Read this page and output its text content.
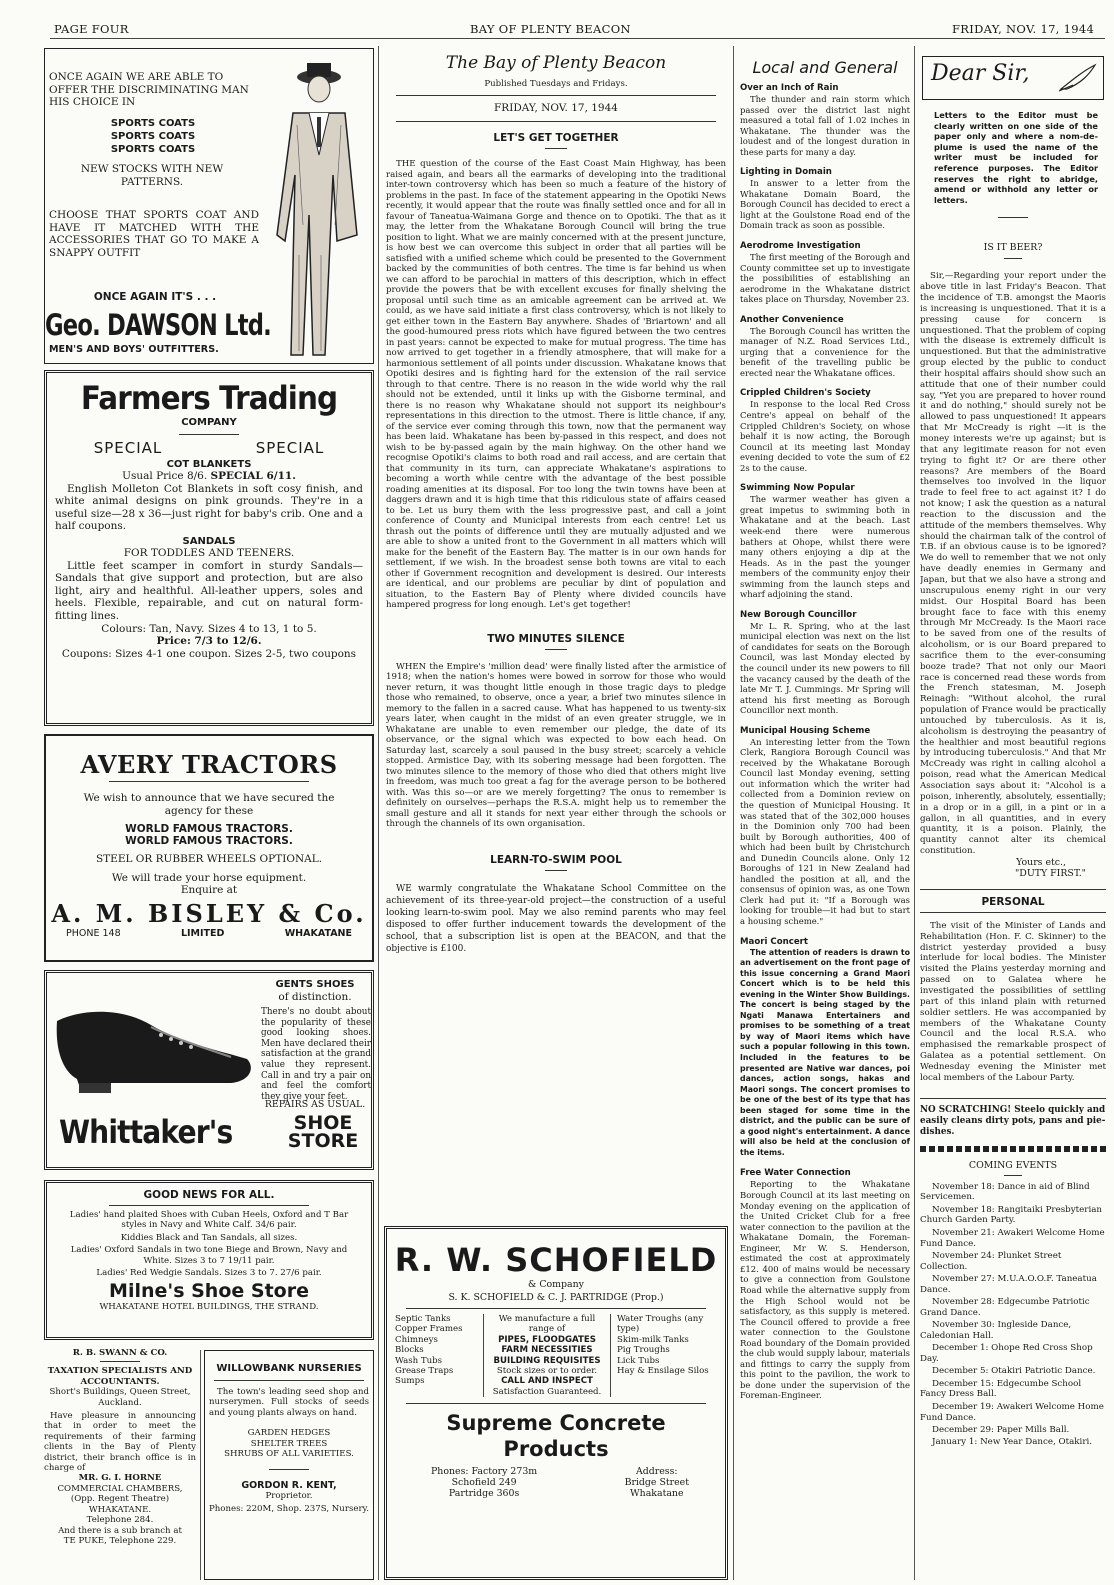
PAGE FOUR	BAY OF PLENTY BEACON	FRIDAY, NOV. 17, 1944
ONCE AGAIN WE ARE ABLE TO
OFFER THE DISCRIMINATING MAN
HIS CHOICE IN
SPORTS COATS
SPORTS COATS
SPORTS COATS
NEW STOCKS WITH NEW PATTERNS.
CHOOSE THAT SPORTS COAT AND HAVE IT MATCHED WITH THE ACCESSORIES THAT GO TO MAKE A SNAPPY OUTFIT
ONCE AGAIN IT'S . . .
Geo. DAWSON Ltd.
MEN'S AND BOYS' OUTFITTERS.
Farmers Trading
COMPANY
SPECIAL	SPECIAL
COT BLANKETS
Usual Price 8/6. SPECIAL 6/11.
English Molleton Cot Blankets in soft cosy finish, and white animal designs on pink grounds. They're in a useful size—28 x 36—just right for baby's crib. One and a half coupons.
SANDALS
FOR TODDLES AND TEENERS.
Little feet scamper in comfort in sturdy Sandals—Sandals that give support and protection, but are also light, airy and healthful. All-leather uppers, soles and heels. Flexible, repairable, and cut on natural form-fitting lines.
Colours: Tan, Navy. Sizes 4 to 13, 1 to 5.
Price: 7/3 to 12/6.
Coupons: Sizes 4-1 one coupon. Sizes 2-5, two coupons
AVERY TRACTORS
We wish to announce that we have secured the agency for these
WORLD FAMOUS TRACTORS.
WORLD FAMOUS TRACTORS.
STEEL OR RUBBER WHEELS OPTIONAL.
We will trade your horse equipment.
Enquire at
A. M. BISLEY & Co.
PHONE 148	LIMITED	WHAKATANE
GENTS SHOES
of distinction.
There's no doubt about the popularity of these good looking shoes. Men have declared their satisfaction at the grand value they represent. Call in and try a pair on and feel the comfort they give your feet.
REPAIRS AS USUAL.
Whittaker's	SHOE
STORE
GOOD NEWS FOR ALL.
Ladies' hand plaited Shoes with Cuban Heels, Oxford and T Bar styles in Navy and White Calf. 34/6 pair.
Kiddies Black and Tan Sandals, all sizes.
Ladies' Oxford Sandals in two tone Biege and Brown, Navy and White. Sizes 3 to 7 19/11 pair.
Ladies' Red Wedgie Sandals. Sizes 3 to 7. 27/6 pair.
Milne's Shoe Store
WHAKATANE HOTEL BUILDINGS, THE STRAND.
R. B. SWANN & CO.
TAXATION SPECIALISTS AND ACCOUNTANTS.
Short's Buildings, Queen Street, Auckland.
Have pleasure in announcing that in order to meet the requirements of their farming clients in the Bay of Plenty district, their branch office is in charge of
MR. G. I. HORNE
COMMERCIAL CHAMBERS,
(Opp. Regent Theatre)
WHAKATANE.
Telephone 284.
And there is a sub branch at
TE PUKE, Telephone 229.
WILLOWBANK NURSERIES
The town's leading seed shop and nurserymen. Full stocks of seeds and young plants always on hand.
GARDEN HEDGES
SHELTER TREES
SHRUBS OF ALL VARIETIES.
GORDON R. KENT,
Proprietor.
Phones: 220M, Shop. 237S, Nursery.
The Bay of Plenty Beacon
Published Tuesdays and Fridays.
FRIDAY, NOV. 17, 1944
LET'S GET TOGETHER

THE question of the course of the East Coast Main Highway, has been raised again, and bears all the earmarks of developing into the traditional inter-town controversy which has been so much a feature of the history of problems in the past. In face of the statement appearing in the Opotiki News recently, it would appear that the route was finally settled once and for all in favour of Taneatua-Waimana Gorge and thence on to Opotiki. The that as it may, the letter from the Whakatane Borough Council will bring the true position to light. What we are mainly concerned with at the present juncture, is how best we can overcome this subject in order that all parties will be satisfied with a unified scheme which could be presented to the Government backed by the communities of both centres. The time is far behind us when we can afford to be parochial in matters of this description, which in effect provide the powers that be with excellent excuses for finally shelving the proposal until such time as an amicable agreement can be arrived at. We could, as we have said initiate a first class controversy, which is not likely to get either town in the Eastern Bay anywhere. Shades of 'Briartown' and all the good-humoured press riots which have figured between the two centres in past years: cannot be expected to make for mutual progress. The time has now arrived to get together in a friendly atmosphere, that will make for a harmonious settlement of all points under discussion. Whakatane knows that Opotiki desires and is fighting hard for the extension of the rail service through to that centre. There is no reason in the wide world why the rail should not be extended, until it links up with the Gisborne terminal, and there is no reason why Whakatane should not support its neighbour's representations in this direction to the utmost. There is little chance, if any, of the service ever coming through this town, now that the permanent way has been laid. Whakatane has been by-passed in this respect, and does not wish to be by-passed again by the main highway. On the other hand we recognise Opotiki's claims to both road and rail access, and are certain that that community in its turn, can appreciate Whakatane's aspirations to becoming a worth while centre with the advantage of the best possible roading amenities at its disposal. For too long the twin towns have been at daggers drawn and it is high time that this ridiculous state of affairs ceased to be. Let us bury them with the less progressive past, and call a joint conference of County and Municipal interests from each centre! Let us thrash out the points of difference until they are mutually adjusted and we are able to show a united front to the Government in all matters which will make for the benefit of the Eastern Bay. The matter is in our own hands for settlement, if we wish. In the broadest sense both towns are vital to each other if Government recognition and development is desired. Our interests are identical, and our problems are peculiar by dint of population and situation, to the Eastern Bay of Plenty where divided councils have hampered progress for long enough. Let's get together!

TWO MINUTES SILENCE

WHEN the Empire's 'million dead' were finally listed after the armistice of 1918; when the nation's homes were bowed in sorrow for those who would never return, it was thought little enough in those tragic days to pledge those who remained, to observe, once a year, a brief two minutes silence in memory to the fallen in a sacred cause. What has happened to us twenty-six years later, when caught in the midst of an even greater struggle, we in Whakatane are unable to even remember our pledge, the date of its observance, or the signal which was expected to bow each head. On Saturday last, scarcely a soul paused in the busy street; scarcely a vehicle stopped. Armistice Day, with its sobering message had been forgotten. The two minutes silence to the memory of those who died that others might live in freedom, was much too great a fag for the average person to be bothered with. Was this so—or are we merely forgetting? The onus to remember is definitely on ourselves—perhaps the R.S.A. might help us to remember the small gesture and all it stands for next year either through the schools or through the channels of its own organisation.

LEARN-TO-SWIM POOL

WE warmly congratulate the Whakatane School Committee on the achievement of its three-year-old project—the construction of a useful looking learn-to-swim pool. May we also remind parents who may feel disposed to offer further inducement towards the development of the school, that a subscription list is open at the BEACON, and that the objective is £100.

R. W. SCHOFIELD
& Company
S. K. SCHOFIELD & C. J. PARTRIDGE (Prop.)
Septic Tanks
Copper Frames
Chimneys
Blocks
Wash Tubs
Grease Traps
Sumps
We manufacture a full range of
PIPES, FLOODGATES
FARM NECESSITIES
BUILDING REQUISITES
Stock sizes or to order.
CALL AND INSPECT
Satisfaction Guaranteed.
Water Troughs (any type)
Skim-milk Tanks
Pig Troughs
Lick Tubs
Hay & Ensilage Silos
Supreme Concrete
Products
Phones: Factory 273m
Schofield 249
Partridge 360s
Address:
Bridge Street
Whakatane
Local and General
Over an Inch of Rain

The thunder and rain storm which passed over the district last night measured a total fall of 1.02 inches in Whakatane. The thunder was the loudest and of the longest duration in these parts for many a day.

Lighting in Domain

In answer to a letter from the Whakatane Domain Board, the Borough Council has decided to erect a light at the Goulstone Road end of the Domain track as soon as possible.

Aerodrome Investigation

The first meeting of the Borough and County committee set up to investigate the possibilities of establishing an aerodrome in the Whakatane district takes place on Thursday, November 23.

Another Convenience

The Borough Council has written the manager of N.Z. Road Services Ltd., urging that a convenience for the benefit of the travelling public be erected near the Whakatane offices.

Crippled Children's Society

In response to the local Red Cross Centre's appeal on behalf of the Crippled Children's Society, on whose behalf it is now acting, the Borough Council at its meeting last Monday evening decided to vote the sum of £2 2s to the cause.

Swimming Now Popular

The warmer weather has given a great impetus to swimming both in Whakatane and at the beach. Last week-end there were numerous bathers at Ohope, whilst there were many others enjoying a dip at the Heads. As in the past the younger members of the community enjoy their swimming from the launch steps and wharf adjoining the stand.

New Borough Councillor

Mr L. R. Spring, who at the last municipal election was next on the list of candidates for seats on the Borough Council, was last Monday elected by the council under its new powers to fill the vacancy caused by the death of the late Mr T. J. Cummings. Mr Spring will attend his first meeting as Borough Councillor next month.

Municipal Housing Scheme

An interesting letter from the Town Clerk, Rangiora Borough Council was received by the Whakatane Borough Council last Monday evening, setting out information which the writer had collected from a Dominion review on the question of Municipal Housing. It was stated that of the 302,000 houses in the Dominion only 700 had been built by Borough authorities, 400 of which had been built by Christchurch and Dunedin Councils alone. Only 12 Boroughs of 121 in New Zealand had handled the position at all, and the consensus of opinion was, as one Town Clerk had put it: "If a Borough was looking for trouble—it had but to start a housing scheme."

Maori Concert

The attention of readers is drawn to an advertisement on the front page of this issue concerning a Grand Maori Concert which is to be held this evening in the Winter Show Buildings. The concert is being staged by the Ngati Manawa Entertainers and promises to be something of a treat by way of Maori items which have such a popular following in this town. Included in the features to be presented are Native war dances, poi dances, action songs, hakas and Maori songs. The concert promises to be one of the best of its type that has been staged for some time in the district, and the public can be sure of a good night's entertainment. A dance will also be held at the conclusion of the items.

Free Water Connection

Reporting to the Whakatane Borough Council at its last meeting on Monday evening on the application of the United Cricket Club for a free water connection to the pavilion at the Whakatane Domain, the Foreman-Engineer, Mr W. S. Henderson, estimated the cost at approximately £12. 400 of mains would be necessary to give a connection from Goulstone Road while the alternative supply from the High School would not be satisfactory, as this supply is metered. The Council offered to provide a free water connection to the Goulstone Road boundary of the Domain provided the club would supply labour, materials and fittings to carry the supply from this point to the pavilion, the work to be done under the supervision of the Foreman-Engineer.

Dear Sir,
Letters to the Editor must be clearly written on one side of the paper only and where a nom-de-plume is used the name of the writer must be included for reference purposes. The Editor reserves the right to abridge, amend or withhold any letter or letters.
IS IT BEER?

Sir,—Regarding your report under the above title in last Friday's Beacon. That the incidence of T.B. amongst the Maoris is increasing is unquestioned. That it is a pressing cause for concern is unquestioned. That the problem of coping with the disease is extremely difficult is unquestioned. But that the administrative group elected by the public to conduct their hospital affairs should show such an attitude that one of their number could say, "Yet you are prepared to hover round it and do nothing," should surely not be allowed to pass unquestioned! It appears that Mr McCready is right —it is the money interests we're up against; but is that any legitimate reason for not even trying to fight it? Or are there other reasons? Are members of the Board themselves too involved in the liquor trade to feel free to act against it? I do not know; I ask the question as a natural reaction to the discussion and the attitude of the members themselves. Why should the chairman talk of the control of T.B. if an obvious cause is to be ignored? We do well to remember that we not only have deadly enemies in Germany and Japan, but that we also have a strong and unscrupulous enemy right in our very midst. Our Hospital Board has been brought face to face with this enemy through Mr McCready. Is the Maori race to be saved from one of the results of alcoholism, or is our Board prepared to sacrifice them to the ever-consuming booze trade? That not only our Maori race is concerned read these words from the French statesman, M. Joseph Reinagh: "Without alcohol, the rural population of France would be practically untouched by tuberculosis. As it is, alcoholism is destroying the peasantry of the healthier and most beautiful regions by introducing tuberculosis." And that Mr McCready was right in calling alcohol a poison, read what the American Medical Association says about it: "Alcohol is a poison, inherently, absolutely, essentially; in a drop or in a gill, in a pint or in a gallon, in all quantities, and in every quantity, it is a poison. Plainly, the quantity cannot alter its chemical constitution.

Yours etc.,
"DUTY FIRST."
PERSONAL

The visit of the Minister of Lands and Rehabilitation (Hon. F. C. Skinner) to the district yesterday provided a busy interlude for local bodies. The Minister visited the Plains yesterday morning and passed on to Galatea where he investigated the possibilities of settling part of this inland plain with returned soldier settlers. He was accompanied by members of the Whakatane County Council and the local R.S.A. who emphasised the remarkable prospect of Galatea as a potential settlement. On Wednesday evening the Minister met local members of the Labour Party.

NO SCRATCHING! Steelo quickly and easily cleans dirty pots, pans and pie-dishes.

COMING EVENTS
November 18: Dance in aid of Blind Servicemen.
November 18: Rangitaiki Presbyterian Church Garden Party.
November 21: Awakeri Welcome Home Fund Dance.
November 24: Plunket Street Collection.
November 27: M.U.A.O.O.F. Taneatua Dance.
November 28: Edgecumbe Patriotic Grand Dance.
November 30: Ingleside Dance, Caledonian Hall.
December 1: Ohope Red Cross Shop Day.
December 5: Otakiri Patriotic Dance.
December 15: Edgecumbe School Fancy Dress Ball.
December 19: Awakeri Welcome Home Fund Dance.
December 29: Paper Mills Ball.
January 1: New Year Dance, Otakiri.
